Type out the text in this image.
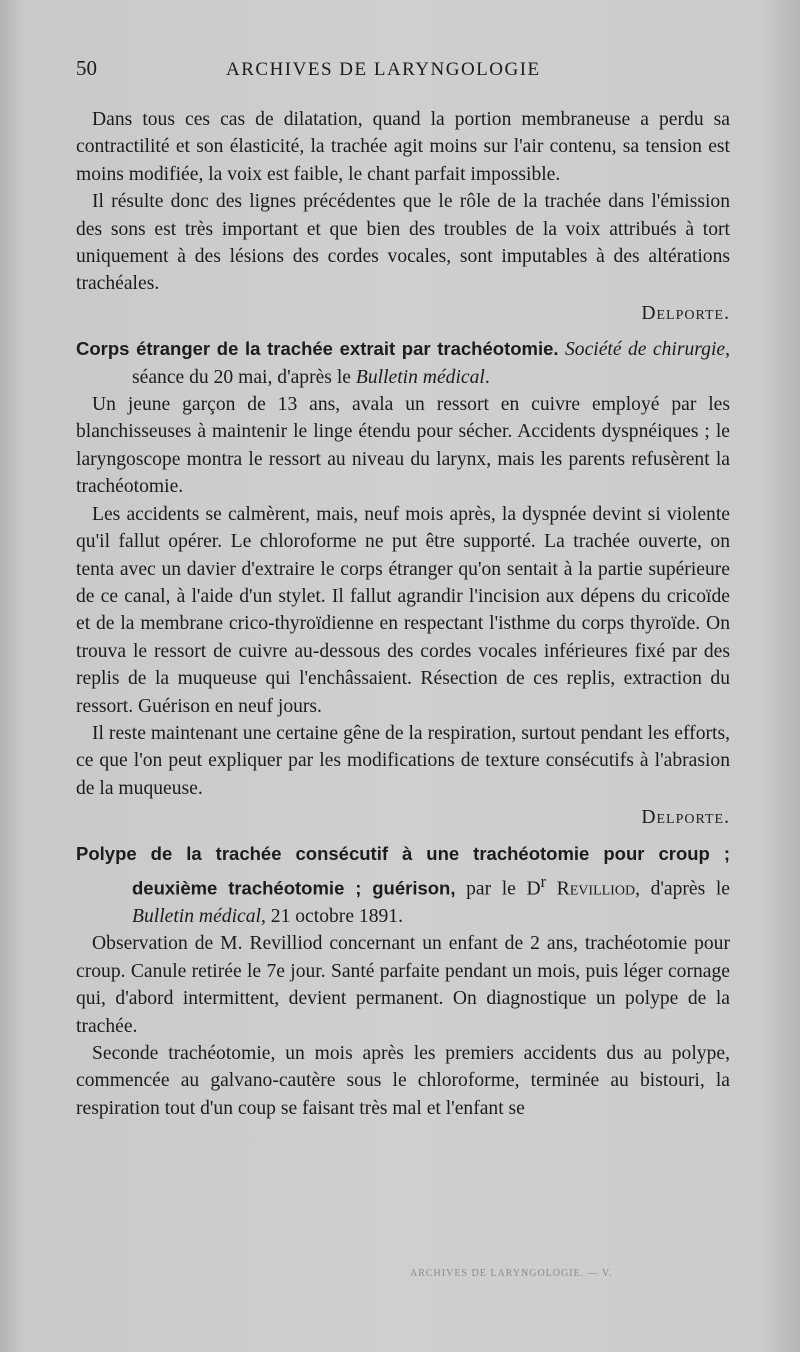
50	ARCHIVES DE LARYNGOLOGIE

Dans tous ces cas de dilatation, quand la portion membraneuse a perdu sa contractilité et son élasticité, la trachée agit moins sur l'air contenu, sa tension est moins modifiée, la voix est faible, le chant parfait impossible.

Il résulte donc des lignes précédentes que le rôle de la trachée dans l'émission des sons est très important et que bien des troubles de la voix attribués à tort uniquement à des lésions des cordes vocales, sont imputables à des altérations trachéales.

Delporte.

Corps étranger de la trachée extrait par trachéotomie. Société de chirurgie, séance du 20 mai, d'après le Bulletin médical.

Un jeune garçon de 13 ans, avala un ressort en cuivre employé par les blanchisseuses à maintenir le linge étendu pour sécher. Accidents dyspnéiques ; le laryngoscope montra le ressort au niveau du larynx, mais les parents refusèrent la trachéotomie.

Les accidents se calmèrent, mais, neuf mois après, la dyspnée devint si violente qu'il fallut opérer. Le chloroforme ne put être supporté. La trachée ouverte, on tenta avec un davier d'extraire le corps étranger qu'on sentait à la partie supérieure de ce canal, à l'aide d'un stylet. Il fallut agrandir l'incision aux dépens du cricoïde et de la membrane crico-thyroïdienne en respectant l'isthme du corps thyroïde. On trouva le ressort de cuivre au-dessous des cordes vocales inférieures fixé par des replis de la muqueuse qui l'enchâssaient. Résection de ces replis, extraction du ressort. Guérison en neuf jours.

Il reste maintenant une certaine gêne de la respiration, surtout pendant les efforts, ce que l'on peut expliquer par les modifications de texture consécutifs à l'abrasion de la muqueuse.

Delporte.

Polype de la trachée consécutif à une trachéotomie pour croup ; deuxième trachéotomie ; guérison, par le $D^r$ Revilliod, d'après le Bulletin médical, 21 octobre 1891.

Observation de M. Revilliod concernant un enfant de 2 ans, trachéotomie pour croup. Canule retirée le 7e jour. Santé parfaite pendant un mois, puis léger cornage qui, d'abord intermittent, devient permanent. On diagnostique un polype de la trachée.

Seconde trachéotomie, un mois après les premiers accidents dus au polype, commencée au galvano-cautère sous le chloroforme, terminée au bistouri, la respiration tout d'un coup se faisant très mal et l'enfant se

ARCHIVES DE LARYNGOLOGIE. — V.
